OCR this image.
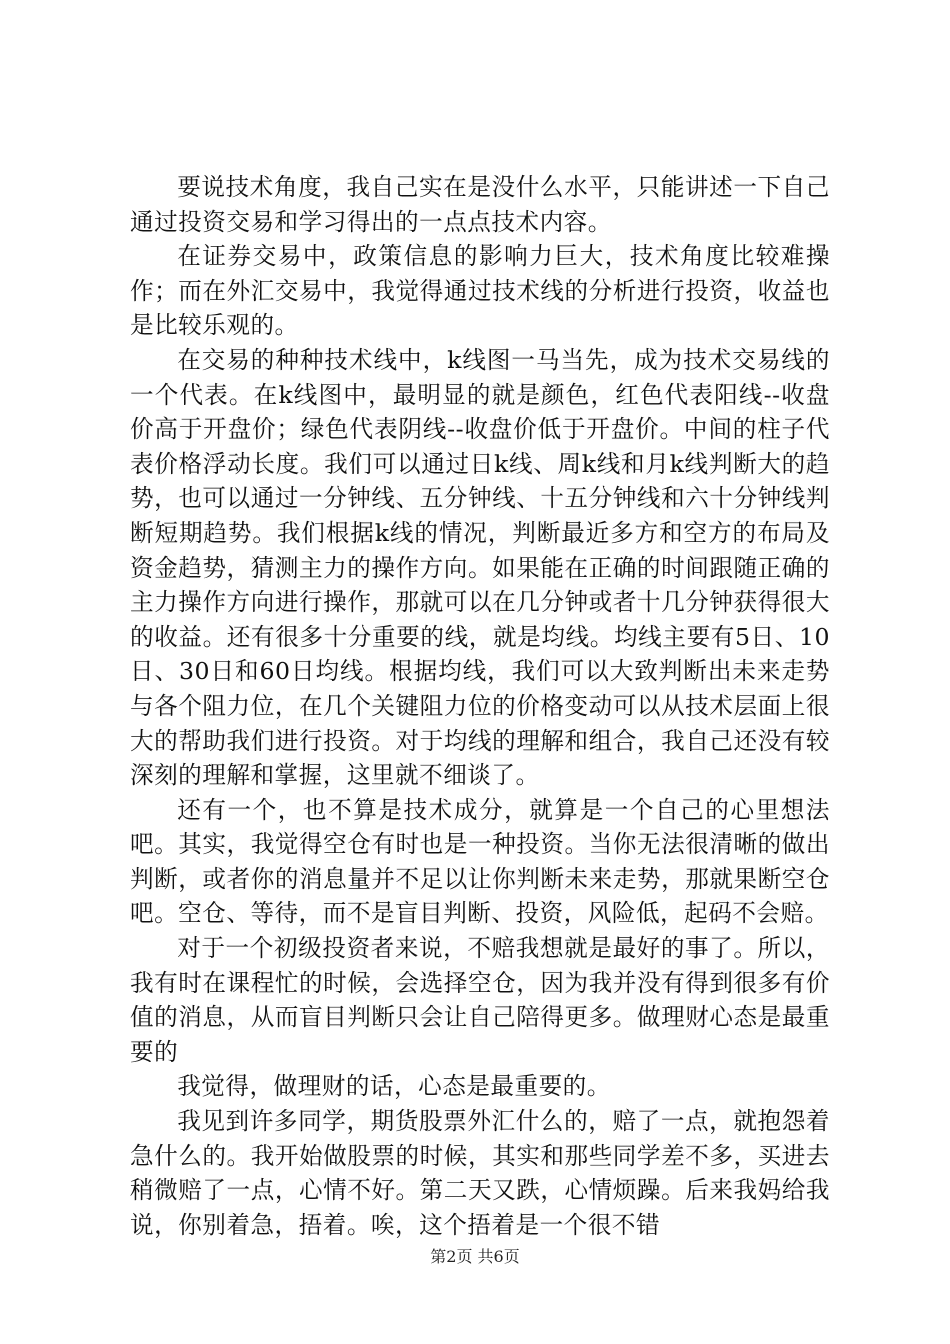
要说技术角度，我自己实在是没什么水平，只能讲述一下自己通过投资交易和学习得出的一点点技术内容。

在证券交易中，政策信息的影响力巨大，技术角度比较难操作；而在外汇交易中，我觉得通过技术线的分析进行投资，收益也是比较乐观的。

在交易的种种技术线中，k线图一马当先，成为技术交易线的一个代表。在k线图中，最明显的就是颜色，红色代表阳线--收盘价高于开盘价；绿色代表阴线--收盘价低于开盘价。中间的柱子代表价格浮动长度。我们可以通过日k线、周k线和月k线判断大的趋势，也可以通过一分钟线、五分钟线、十五分钟线和六十分钟线判断短期趋势。我们根据k线的情况，判断最近多方和空方的布局及资金趋势，猜测主力的操作方向。如果能在正确的时间跟随正确的主力操作方向进行操作，那就可以在几分钟或者十几分钟获得很大的收益。还有很多十分重要的线，就是均线。均线主要有5日、10日、30日和60日均线。根据均线，我们可以大致判断出未来走势与各个阻力位，在几个关键阻力位的价格变动可以从技术层面上很大的帮助我们进行投资。对于均线的理解和组合，我自己还没有较深刻的理解和掌握，这里就不细谈了。

还有一个，也不算是技术成分，就算是一个自己的心里想法吧。其实，我觉得空仓有时也是一种投资。当你无法很清晰的做出判断，或者你的消息量并不足以让你判断未来走势，那就果断空仓吧。空仓、等待，而不是盲目判断、投资，风险低，起码不会赔。

对于一个初级投资者来说，不赔我想就是最好的事了。所以，我有时在课程忙的时候，会选择空仓，因为我并没有得到很多有价值的消息，从而盲目判断只会让自己陪得更多。做理财心态是最重要的

我觉得，做理财的话，心态是最重要的。

我见到许多同学，期货股票外汇什么的，赔了一点，就抱怨着急什么的。我开始做股票的时候，其实和那些同学差不多，买进去稍微赔了一点，心情不好。第二天又跌，心情烦躁。后来我妈给我说，你别着急，捂着。唉，这个捂着是一个很不错

第2页 共6页
